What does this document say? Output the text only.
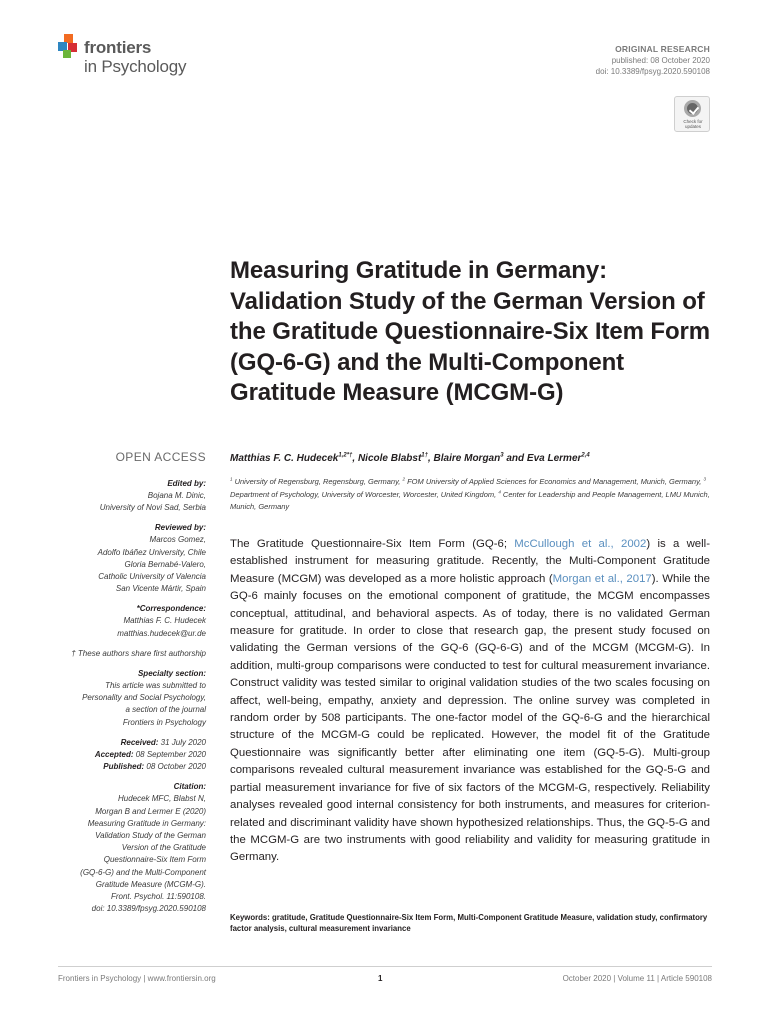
frontiers
in Psychology
ORIGINAL RESEARCH
published: 08 October 2020
doi: 10.3389/fpsyg.2020.590108
Check for updates
Measuring Gratitude in Germany: Validation Study of the German Version of the Gratitude Questionnaire-Six Item Form (GQ-6-G) and the Multi-Component Gratitude Measure (MCGM-G)
Matthias F. C. Hudecek$^{1,2*\dagger}$, Nicole Blabst$^{1\dagger}$, Blaire Morgan$^3$ and Eva Lermer$^{2,4}$
$^1$ University of Regensburg, Regensburg, Germany, $^2$ FOM University of Applied Sciences for Economics and Management, Munich, Germany, $^3$ Department of Psychology, University of Worcester, Worcester, United Kingdom, $^4$ Center for Leadership and People Management, LMU Munich, Munich, Germany
The Gratitude Questionnaire-Six Item Form (GQ-6; McCullough et al., 2002) is a well-established instrument for measuring gratitude. Recently, the Multi-Component Gratitude Measure (MCGM) was developed as a more holistic approach (Morgan et al., 2017). While the GQ-6 mainly focuses on the emotional component of gratitude, the MCGM encompasses conceptual, attitudinal, and behavioral aspects. As of today, there is no validated German measure for gratitude. In order to close that research gap, the present study focused on validating the German versions of the GQ-6 (GQ-6-G) and of the MCGM (MCGM-G). In addition, multi-group comparisons were conducted to test for cultural measurement invariance. Construct validity was tested similar to original validation studies of the two scales focusing on affect, well-being, empathy, anxiety and depression. The online survey was completed in random order by 508 participants. The one-factor model of the GQ-6-G and the hierarchical structure of the MCGM-G could be replicated. However, the model fit of the Gratitude Questionnaire was significantly better after eliminating one item (GQ-5-G). Multi-group comparisons revealed cultural measurement invariance was established for the GQ-5-G and partial measurement invariance for five of six factors of the MCGM-G, respectively. Reliability analyses revealed good internal consistency for both instruments, and measures for criterion-related and discriminant validity have shown hypothesized relationships. Thus, the GQ-5-G and the MCGM-G are two instruments with good reliability and validity for measuring gratitude in Germany.
Keywords: gratitude, Gratitude Questionnaire-Six Item Form, Multi-Component Gratitude Measure, validation study, confirmatory factor analysis, cultural measurement invariance
OPEN ACCESS
Edited by:
Bojana M. Dinic,
University of Novi Sad, Serbia
Reviewed by:
Marcos Gomez,
Adolfo Ibáñez University, Chile
Gloria Bernabé-Valero,
Catholic University of Valencia
San Vicente Mártir, Spain
*Correspondence:
Matthias F. C. Hudecek
matthias.hudecek@ur.de
† These authors share first authorship
Specialty section:
This article was submitted to
Personality and Social Psychology,
a section of the journal
Frontiers in Psychology
Received: 31 July 2020
Accepted: 08 September 2020
Published: 08 October 2020
Citation:
Hudecek MFC, Blabst N,
Morgan B and Lermer E (2020)
Measuring Gratitude in Germany:
Validation Study of the German
Version of the Gratitude
Questionnaire-Six Item Form
(GQ-6-G) and the Multi-Component
Gratitude Measure (MCGM-G).
Front. Psychol. 11:590108.
doi: 10.3389/fpsyg.2020.590108
Frontiers in Psychology | www.frontiersin.org	1	October 2020 | Volume 11 | Article 590108
